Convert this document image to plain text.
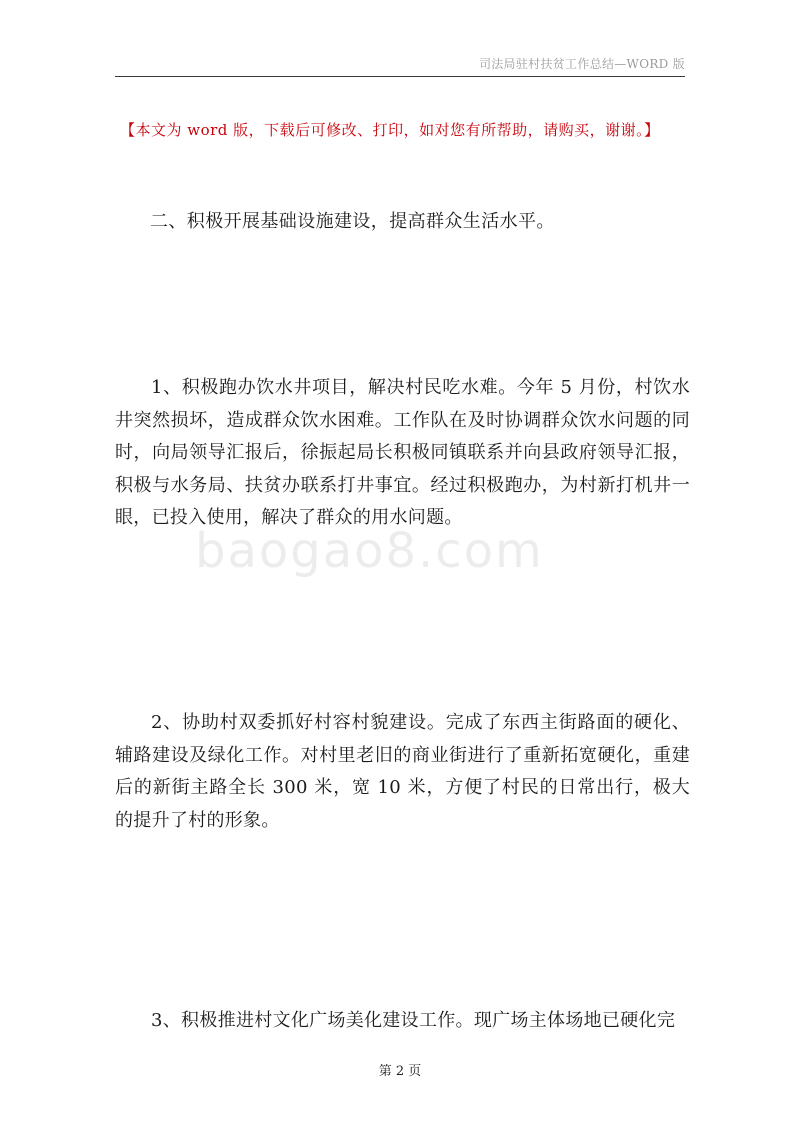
司法局驻村扶贫工作总结—WORD 版
【本文为 word 版，下载后可修改、打印，如对您有所帮助，请购买，谢谢。】
二、积极开展基础设施建设，提高群众生活水平。
1、积极跑办饮水井项目，解决村民吃水难。今年 5 月份，村饮水井突然损坏，造成群众饮水困难。工作队在及时协调群众饮水问题的同时，向局领导汇报后，徐振起局长积极同镇联系并向县政府领导汇报，积极与水务局、扶贫办联系打井事宜。经过积极跑办，为村新打机井一眼，已投入使用，解决了群众的用水问题。
baogao8.com
2、协助村双委抓好村容村貌建设。完成了东西主街路面的硬化、辅路建设及绿化工作。对村里老旧的商业街进行了重新拓宽硬化，重建后的新街主路全长 300 米，宽 10 米，方便了村民的日常出行，极大的提升了村的形象。
3、积极推进村文化广场美化建设工作。现广场主体场地已硬化完
第 2 页
